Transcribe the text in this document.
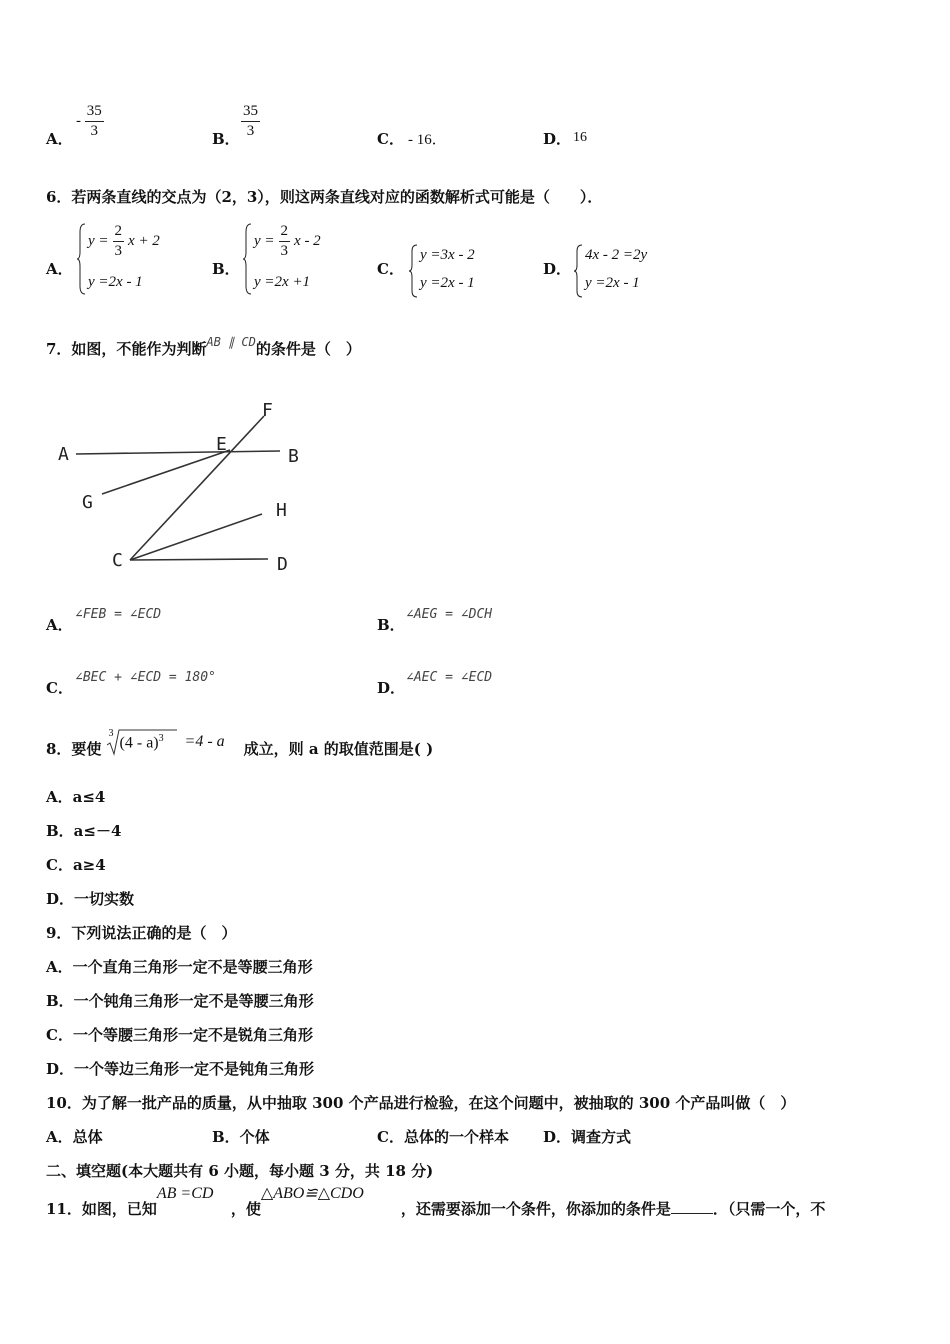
A．
- $\frac{35}{3}$	B． $\frac{35}{3}$	C． - 16．	D． 16
6．若两条直线的交点为（2，3），则这两条直线对应的函数解析式可能是（　　）．
A．
$y = \frac{2}{3}$ x + 2
y =2x - 1
B．
$y = \frac{2}{3}$ x - 2
y =2x +1
C．
y =3x - 2
y =2x - 1
D．
4x - 2 =2y
y =2x - 1
7．如图，不能作为判断$^{AB \parallel CD}$的条件是（　）
A	B
E
F
G
C
H
D
A．
∠FEB = ∠ECD
B．
∠AEG = ∠DCH
C．
∠BEC + ∠ECD = 180°
D．
∠AEC = ∠ECD
8．要使
3
(4 - a)$^3$ =4 - a 成立，则 a 的取值范围是( )
A．a≤4
B．a≤－4
C．a≥4
D．一切实数
9．下列说法正确的是（　）
A．一个直角三角形一定不是等腰三角形
B．一个钝角三角形一定不是等腰三角形
C．一个等腰三角形一定不是锐角三角形
D．一个等边三角形一定不是钝角三角形
10．为了解一批产品的质量，从中抽取 300 个产品进行检验，在这个问题中，被抽取的 300 个产品叫做（　）
A．总体	B．个体	C．总体的一个样本 D．调查方式
二、填空题(本大题共有 6 小题，每小题 3 分，共 18 分)
11．如图，已知AB =CD，使△ABO≌△CDO，还需要添加一个条件，你添加的条件是	．（只需一个，不
